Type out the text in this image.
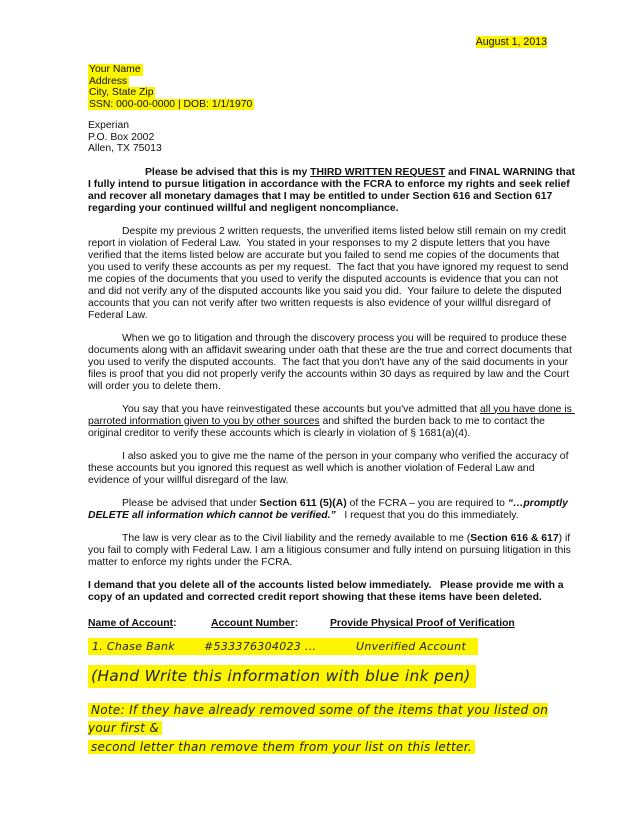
August 1, 2013
Your Name
Address
City, State Zip
SSN: 000-00-0000 | DOB: 1/1/1970
Experian
P.O. Box 2002
Allen, TX 75013

Please be advised that this is my THIRD WRITTEN REQUEST and FINAL WARNING that I fully intend to pursue litigation in accordance with the FCRA to enforce my rights and seek relief and recover all monetary damages that I may be entitled to under Section 616 and Section 617 regarding your continued willful and negligent noncompliance.

Despite my previous 2 written requests, the unverified items listed below still remain on my credit report in violation of Federal Law.  You stated in your responses to my 2 dispute letters that you have verified that the items listed below are accurate but you failed to send me copies of the documents that you used to verify these accounts as per my request.  The fact that you have ignored my request to send me copies of the documents that you used to verify the disputed accounts is evidence that you can not and did not verify any of the disputed accounts like you said you did.  Your failure to delete the disputed accounts that you can not verify after two written requests is also evidence of your willful disregard of Federal Law.

When we go to litigation and through the discovery process you will be required to produce these documents along with an affidavit swearing under oath that these are the true and correct documents that you used to verify the disputed accounts.  The fact that you don't have any of the said documents in your files is proof that you did not properly verify the accounts within 30 days as required by law and the Court will order you to delete them.

You say that you have reinvestigated these accounts but you've admitted that all you have done is parroted information given to you by other sources and shifted the burden back to me to contact the original creditor to verify these accounts which is clearly in violation of § 1681(a)(4).

I also asked you to give me the name of the person in your company who verified the accuracy of these accounts but you ignored this request as well which is another violation of Federal Law and evidence of your willful disregard of the law.

Please be advised that under Section 611 (5)(A) of the FCRA – you are required to “…promptly DELETE all information which cannot be verified.”   I request that you do this immediately.

The law is very clear as to the Civil liability and the remedy available to me (Section 616 & 617) if you fail to comply with Federal Law. I am a litigious consumer and fully intend on pursuing litigation in this matter to enforce my rights under the FCRA.

I demand that you delete all of the accounts listed below immediately.   Please provide me with a copy of an updated and corrected credit report showing that these items have been deleted.

Name of Account:	Account Number:	Provide Physical Proof of Verification
1. Chase Bank	#533376304023 ...	Unverified Account
(Hand Write this information with blue ink pen)
Note: If they have already removed some of the items that you listed on your first &
second letter than remove them from your list on this letter.
